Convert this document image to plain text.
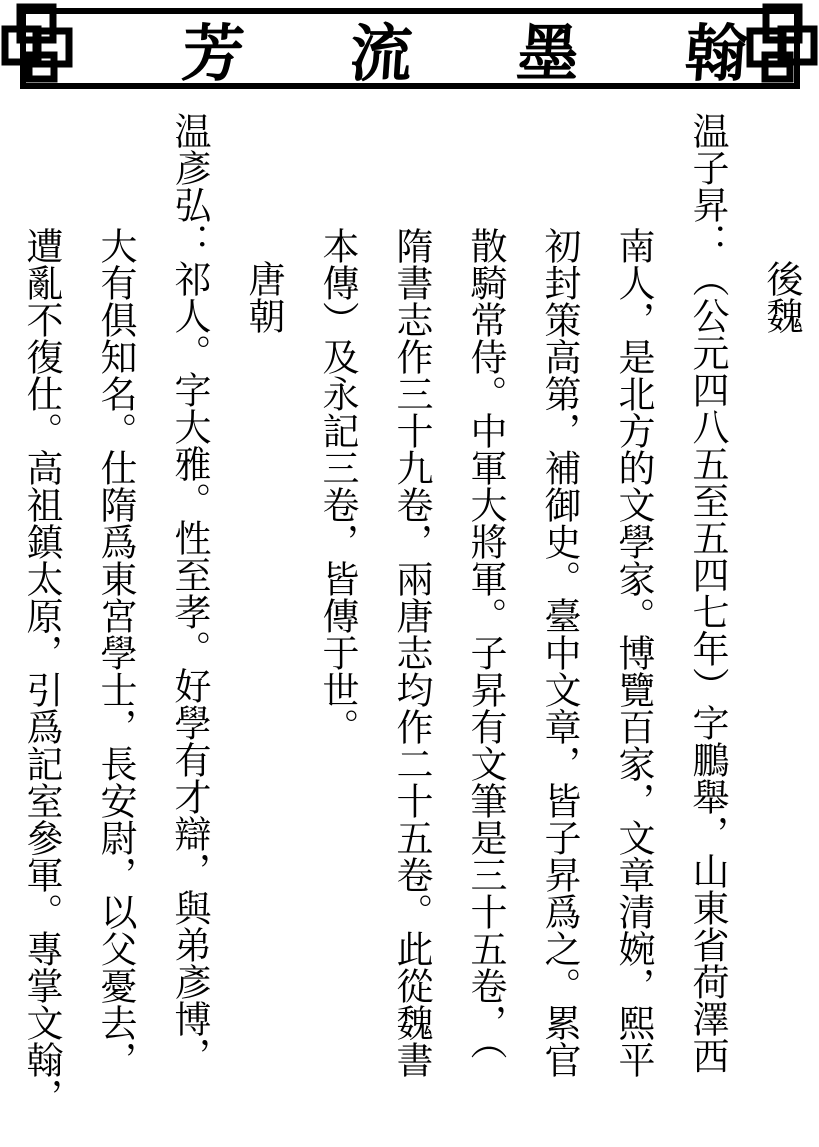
芳 流 墨 翰

後魏

温子昇：（公元四八五至五四七年）字鵬舉，山東省荷澤西

南人，是北方的文學家。博覽百家，文章清婉，熙平

初封策高第，補御史。臺中文章，皆子昇爲之。累官

散騎常侍。中軍大將軍。子昇有文筆是三十五卷，（

隋書志作三十九卷，兩唐志均作二十五卷。此從魏書

本傳）及永記三卷，皆傳于世。

唐朝

温彥弘：祁人。字大雅。性至孝。好學有才辯，與弟彥博，

大有俱知名。仕隋爲東宮學士，長安尉，以父憂去，

遭亂不復仕。高祖鎮太原，引爲記室參軍。專掌文翰，
